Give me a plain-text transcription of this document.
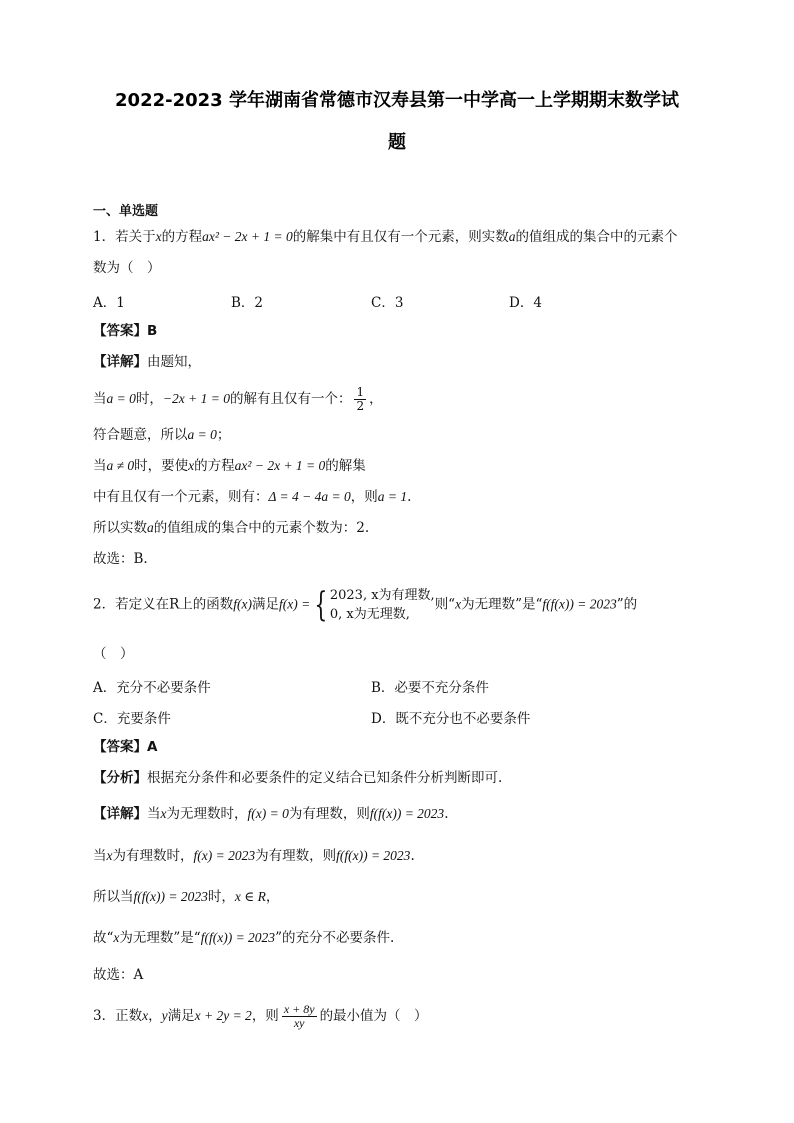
2022-2023 学年湖南省常德市汉寿县第一中学高一上学期期末数学试
题
一、单选题
1．若关于x的方程ax² − 2x + 1 = 0的解集中有且仅有一个元素，则实数a的值组成的集合中的元素个
数为（　）
A．1	B．2	C．3	D．4
【答案】B
【详解】由题知，
当a = 0时，−2x + 1 = 0的解有且仅有一个： $\frac{1}{2}$ ，
符合题意，所以a = 0；
当a ≠ 0时，要使x的方程ax² − 2x + 1 = 0的解集
中有且仅有一个元素，则有：Δ = 4 − 4a = 0，则a = 1.
所以实数a的值组成的集合中的元素个数为：2.
故选：B.
2．若定义在R上的函数f(x)满足f(x) = { 2023, x为有理数,
0, x为无理数,
则“x为无理数”是“f(f(x)) = 2023”的
（　）
A．充分不必要条件	B．必要不充分条件
C．充要条件	D．既不充分也不必要条件
【答案】A
【分析】根据充分条件和必要条件的定义结合已知条件分析判断即可.
【详解】当x为无理数时，f(x) = 0为有理数，则f(f(x)) = 2023.
当x为有理数时，f(x) = 2023为有理数，则f(f(x)) = 2023.
所以当f(f(x)) = 2023时，x ∈ R，
故“x为无理数”是“f(f(x)) = 2023”的充分不必要条件.
故选：A
3．正数x，y满足x + 2y = 2，则 $\frac{x + 8y}{xy}$ 的最小值为（　）
